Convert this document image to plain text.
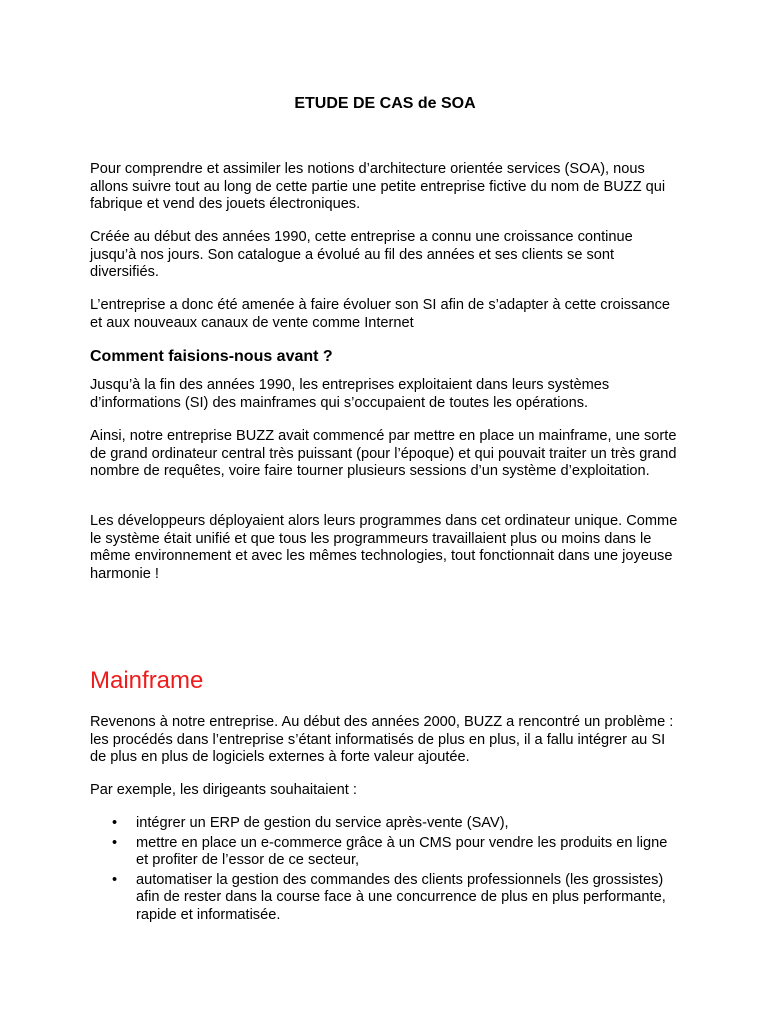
ETUDE DE CAS de SOA

Pour comprendre et assimiler les notions d’architecture orientée services (SOA), nous allons suivre tout au long de cette partie une petite entreprise fictive du nom de BUZZ qui fabrique et vend des jouets électroniques.

Créée au début des années 1990, cette entreprise a connu une croissance continue jusqu’à nos jours. Son catalogue a évolué au fil des années et ses clients se sont diversifiés.

L’entreprise a donc été amenée à faire évoluer son SI afin de s’adapter à cette croissance et aux nouveaux canaux de vente comme Internet

Comment faisions-nous avant ?

Jusqu’à la fin des années 1990, les entreprises exploitaient dans leurs systèmes d’informations (SI) des mainframes qui s’occupaient de toutes les opérations.

Ainsi, notre entreprise BUZZ avait commencé par mettre en place un mainframe, une sorte de grand ordinateur central très puissant (pour l’époque) et qui pouvait traiter un très grand nombre de requêtes, voire faire tourner plusieurs sessions d’un système d’exploitation.

Les développeurs déployaient alors leurs programmes dans cet ordinateur unique. Comme le système était unifié et que tous les programmeurs travaillaient plus ou moins dans le même environnement et avec les mêmes technologies, tout fonctionnait dans une joyeuse harmonie !

Mainframe

Revenons à notre entreprise. Au début des années 2000, BUZZ a rencontré un problème : les procédés dans l’entreprise s’étant informatisés de plus en plus, il a fallu intégrer au SI de plus en plus de logiciels externes à forte valeur ajoutée.

Par exemple, les dirigeants souhaitaient :

• intégrer un ERP de gestion du service après-vente (SAV),
• mettre en place un e-commerce grâce à un CMS pour vendre les produits en ligne et profiter de l’essor de ce secteur,
• automatiser la gestion des commandes des clients professionnels (les grossistes) afin de rester dans la course face à une concurrence de plus en plus performante, rapide et informatisée.
